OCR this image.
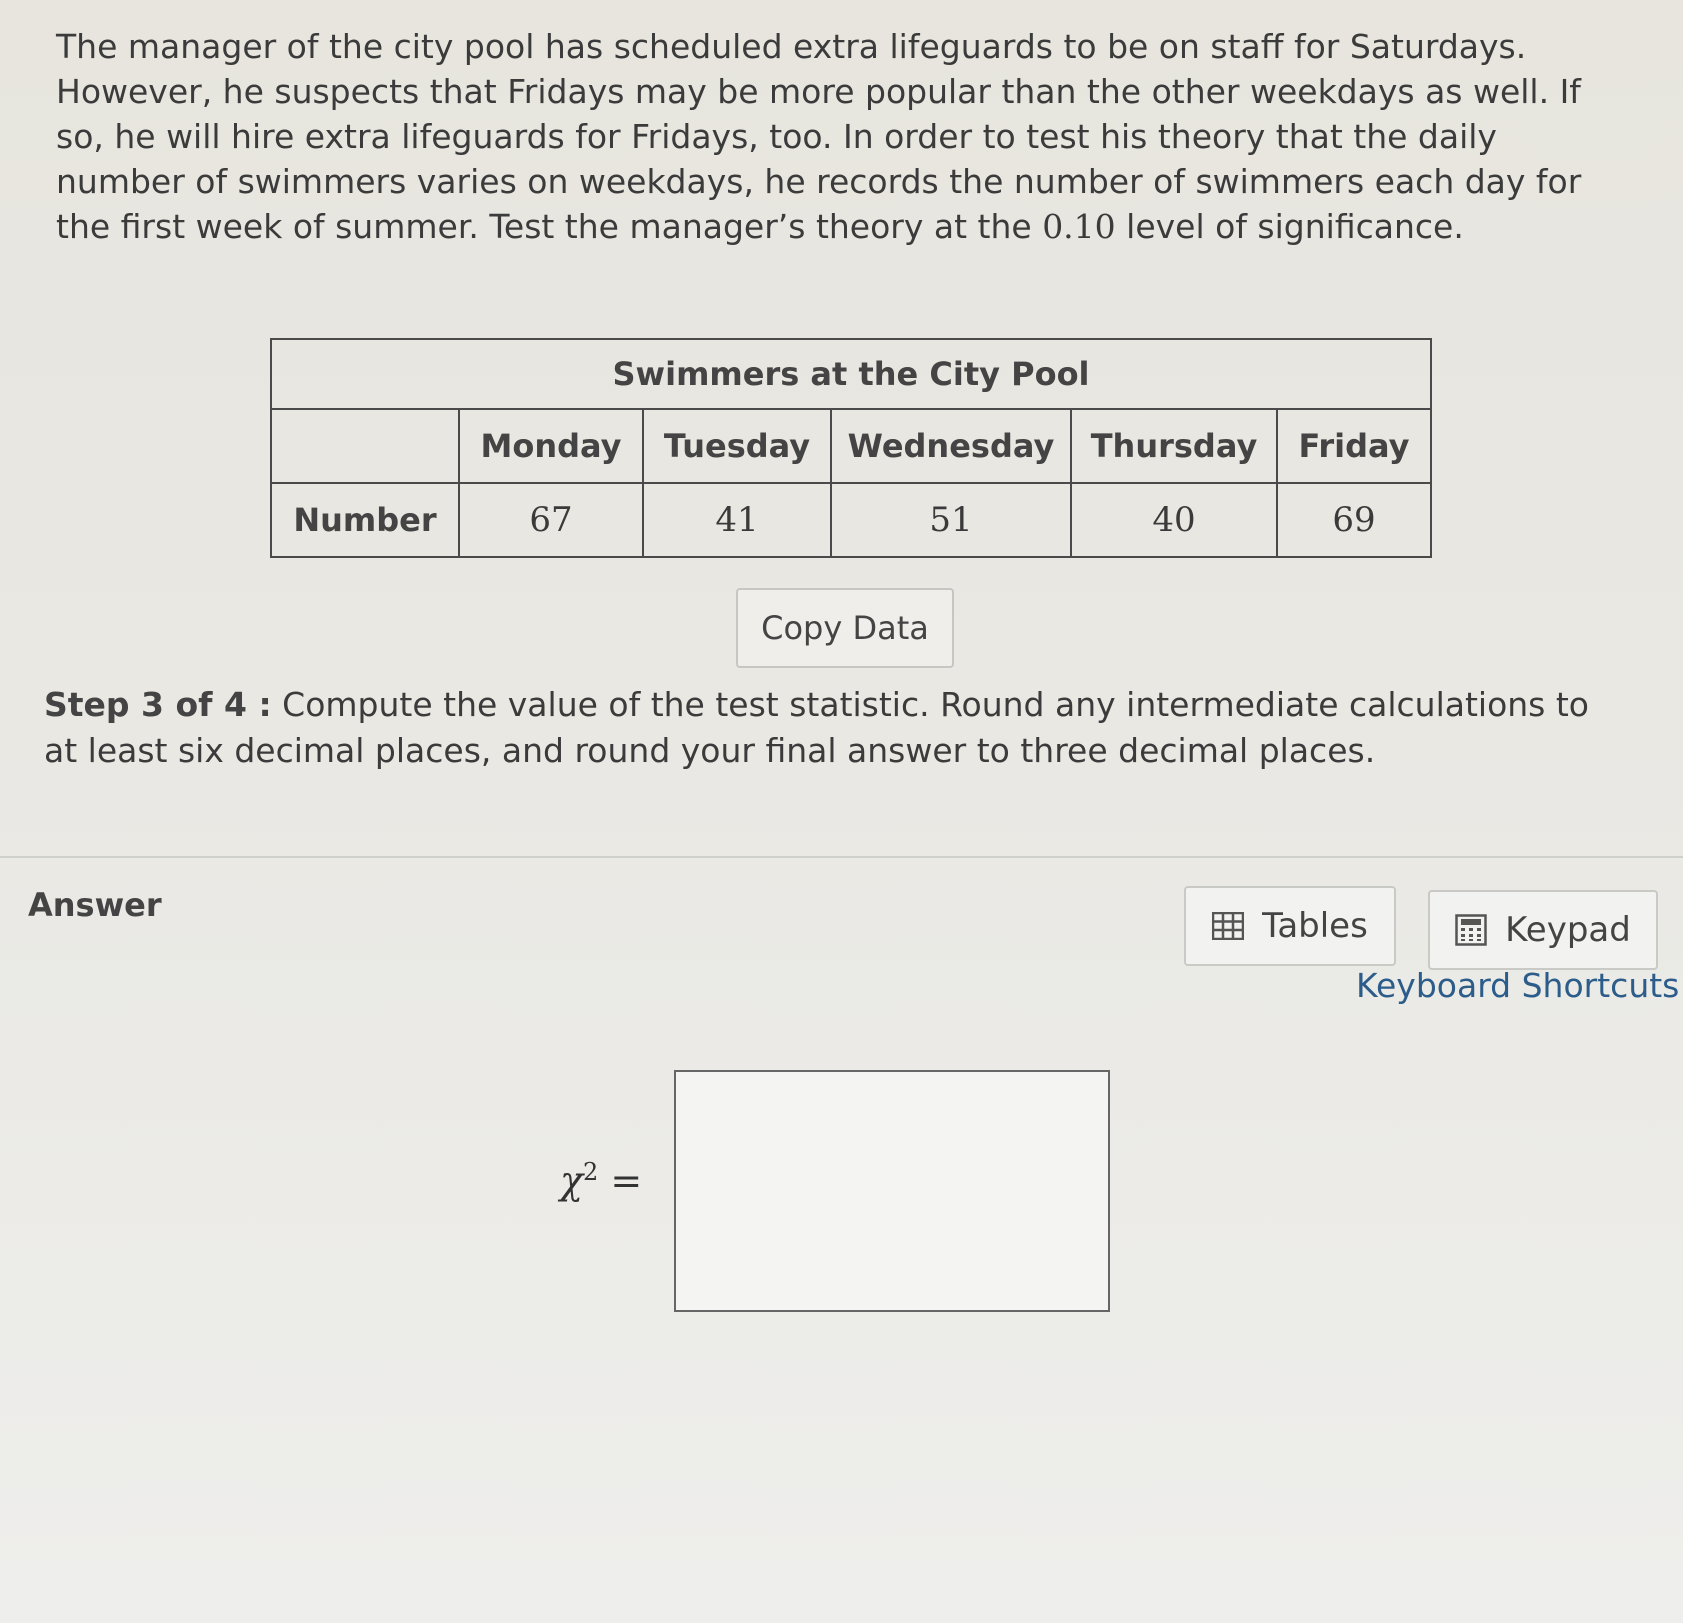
The manager of the city pool has scheduled extra lifeguards to be on staff for Saturdays. However, he suspects that Fridays may be more popular than the other weekdays as well. If so, he will hire extra lifeguards for Fridays, too. In order to test his theory that the daily number of swimmers varies on weekdays, he records the number of swimmers each day for the first week of summer. Test the manager’s theory at the 0.10 level of significance.
Swimmers at the City Pool					
	Monday	Tuesday	Wednesday	Thursday	Friday
Number	67	41	51	40	69
Copy Data
Step 3 of 4 : Compute the value of the test statistic. Round any intermediate calculations to at least six decimal places, and round your final answer to three decimal places.
Answer
Tables	Keypad
Keyboard Shortcuts
$\chi^2$ =
